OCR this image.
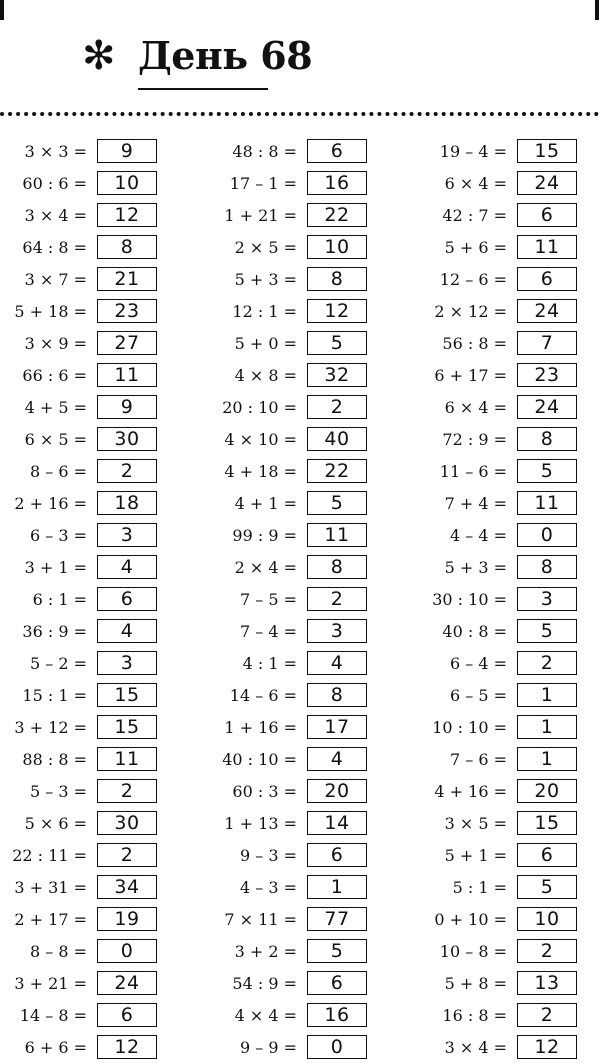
✻ День 68
3 × 3 =	9
60 : 6 =	10
3 × 4 =	12
64 : 8 =	8
3 × 7 =	21
5 + 18 =	23
3 × 9 =	27
66 : 6 =	11
4 + 5 =	9
6 × 5 =	30
8 – 6 =	2
2 + 16 =	18
6 – 3 =	3
3 + 1 =	4
6 : 1 =	6
36 : 9 =	4
5 – 2 =	3
15 : 1 =	15
3 + 12 =	15
88 : 8 =	11
5 – 3 =	2
5 × 6 =	30
22 : 11 =	2
3 + 31 =	34
2 + 17 =	19
8 – 8 =	0
3 + 21 =	24
14 – 8 =	6
6 + 6 =	12
48 : 8 =	6
17 – 1 =	16
1 + 21 =	22
2 × 5 =	10
5 + 3 =	8
12 : 1 =	12
5 + 0 =	5
4 × 8 =	32
20 : 10 =	2
4 × 10 =	40
4 + 18 =	22
4 + 1 =	5
99 : 9 =	11
2 × 4 =	8
7 – 5 =	2
7 – 4 =	3
4 : 1 =	4
14 – 6 =	8
1 + 16 =	17
40 : 10 =	4
60 : 3 =	20
1 + 13 =	14
9 – 3 =	6
4 – 3 =	1
7 × 11 =	77
3 + 2 =	5
54 : 9 =	6
4 × 4 =	16
9 – 9 =	0
19 – 4 =	15
6 × 4 =	24
42 : 7 =	6
5 + 6 =	11
12 – 6 =	6
2 × 12 =	24
56 : 8 =	7
6 + 17 =	23
6 × 4 =	24
72 : 9 =	8
11 – 6 =	5
7 + 4 =	11
4 – 4 =	0
5 + 3 =	8
30 : 10 =	3
40 : 8 =	5
6 – 4 =	2
6 – 5 =	1
10 : 10 =	1
7 – 6 =	1
4 + 16 =	20
3 × 5 =	15
5 + 1 =	6
5 : 1 =	5
0 + 10 =	10
10 – 8 =	2
5 + 8 =	13
16 : 8 =	2
3 × 4 =	12
